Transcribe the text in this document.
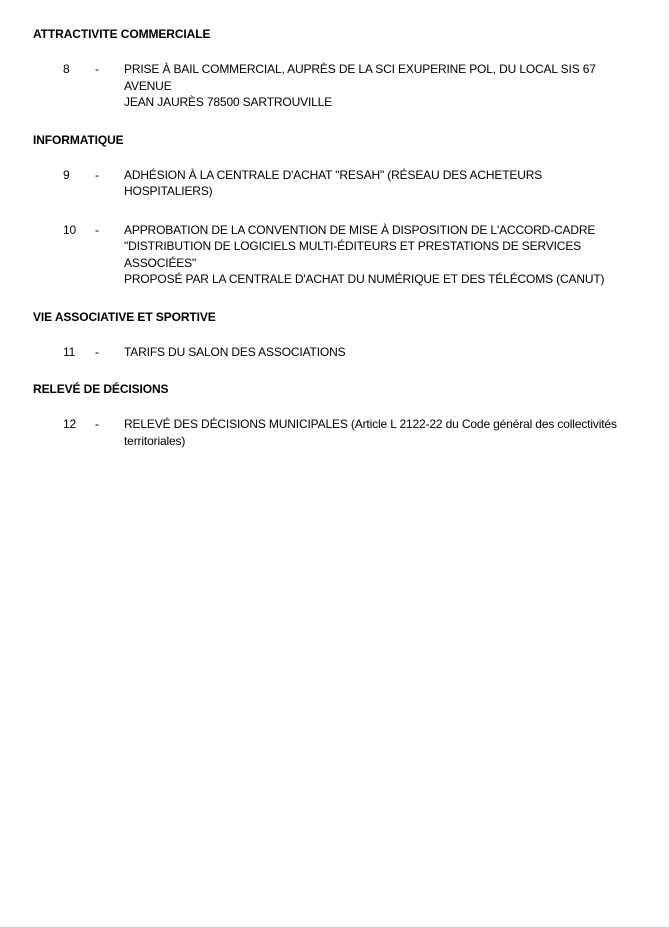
ATTRACTIVITE COMMERCIALE
8	-	PRISE À BAIL COMMERCIAL, AUPRÈS DE LA SCI EXUPERINE POL, DU LOCAL SIS 67 AVENUE
JEAN JAURÈS 78500 SARTROUVILLE
INFORMATIQUE
9	-	ADHÉSION À LA CENTRALE D'ACHAT "RESAH" (RÉSEAU DES ACHETEURS HOSPITALIERS)
10	-	APPROBATION DE LA CONVENTION DE MISE À DISPOSITION DE L'ACCORD-CADRE
"DISTRIBUTION DE LOGICIELS MULTI-ÉDITEURS ET PRESTATIONS DE SERVICES ASSOCIÉES"
PROPOSÉ PAR LA CENTRALE D'ACHAT DU NUMÉRIQUE ET DES TÉLÉCOMS (CANUT)
VIE ASSOCIATIVE ET SPORTIVE
11	-	TARIFS DU SALON DES ASSOCIATIONS
RELEVÉ DE DÉCISIONS
12	-	RELEVÉ DES DÉCISIONS MUNICIPALES (Article L 2122-22 du Code général des collectivités
territoriales)
